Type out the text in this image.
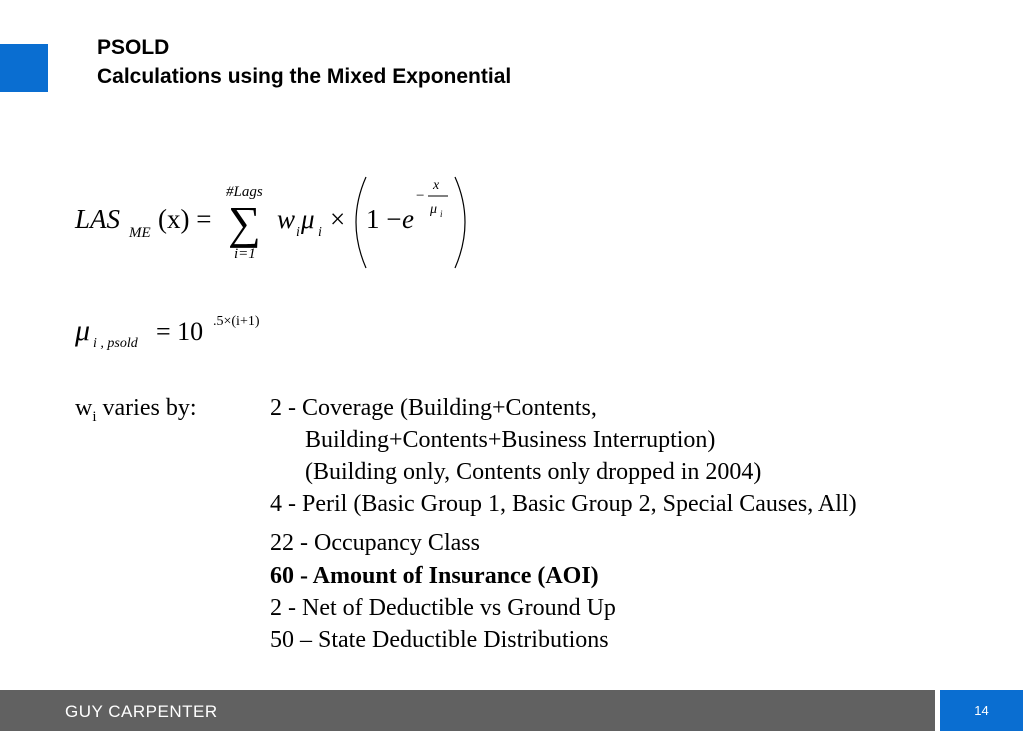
PSOLD
Calculations using the Mixed Exponential
LAS ME (x) =
#Lags
∑
i=1
w i μ i × 1 − e
−
x
μ i
μ i , psold = 10 .5×(i+1)
$w_i$ varies by:	2 - Coverage (Building+Contents,
Building+Contents+Business Interruption)
(Building only, Contents only dropped in 2004)
4 - Peril (Basic Group 1, Basic Group 2, Special Causes, All)
22 - Occupancy Class
60 - Amount of Insurance (AOI)
2 - Net of Deductible vs Ground Up
50 – State Deductible Distributions
GUY CARPENTER	14
